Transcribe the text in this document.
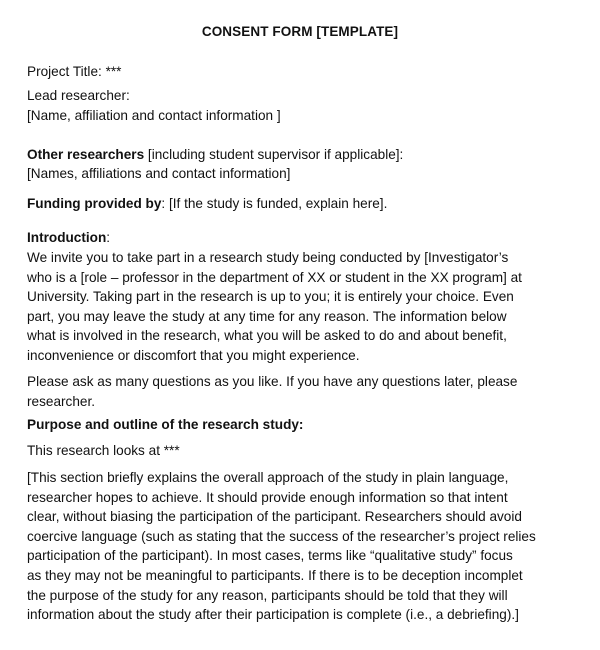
CONSENT FORM [TEMPLATE]
Project Title: ***
Lead researcher:
[Name, affiliation and contact information ]
Other researchers [including student supervisor if applicable]:
[Names, affiliations and contact information]
Funding provided by: [If the study is funded, explain here].
Introduction:
We invite you to take part in a research study being conducted by [Investigator’s
who is a [role – professor in the department of XX or student in the XX program] at
University. Taking part in the research is up to you; it is entirely your choice. Even
part, you may leave the study at any time for any reason. The information below
what is involved in the research, what you will be asked to do and about benefit,
inconvenience or discomfort that you might experience.
Please ask as many questions as you like. If you have any questions later, please
researcher.
Purpose and outline of the research study:
This research looks at ***
[This section briefly explains the overall approach of the study in plain language,
researcher hopes to achieve. It should provide enough information so that intent
clear, without biasing the participation of the participant. Researchers should avoid
coercive language (such as stating that the success of the researcher’s project relies
participation of the participant). In most cases, terms like “qualitative study” focus
as they may not be meaningful to participants. If there is to be deception incomplet
the purpose of the study for any reason, participants should be told that they will
information about the study after their participation is complete (i.e., a debriefing).]
